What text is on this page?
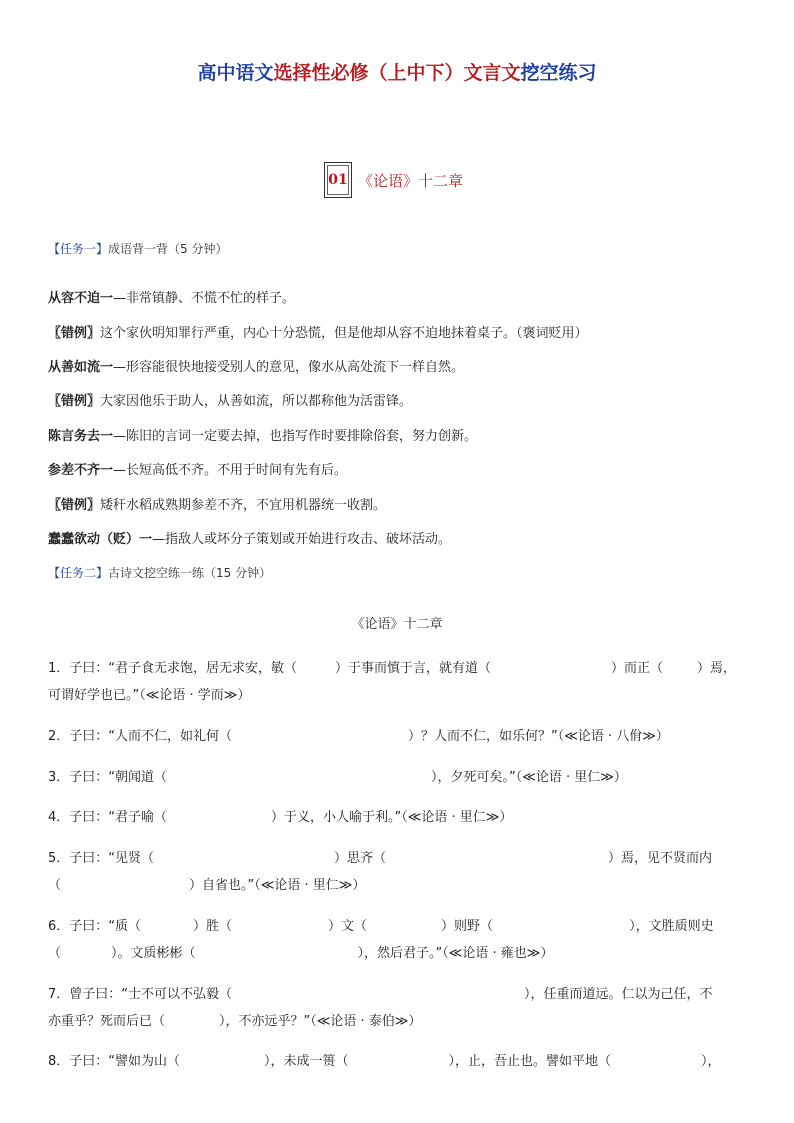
高中语文选择性必修（上中下）文言文挖空练习
01 《论语》十二章
【任务一】成语背一背（5 分钟）
从容不迫一—非常镇静、不慌不忙的样子。
〖错例〗这个家伙明知罪行严重，内心十分恐慌，但是他却从容不迫地抹着桌子。（褒词贬用）
从善如流一—形容能很快地接受别人的意见，像水从高处流下一样自然。
〖错例〗大家因他乐于助人，从善如流，所以都称他为活雷锋。
陈言务去一—陈旧的言词一定要去掉，也指写作时要排除俗套，努力创新。
参差不齐一—长短高低不齐。不用于时间有先有后。
〖错例〗矮秆水稻成熟期参差不齐，不宜用机器统一收割。
蠢蠢欲动（贬）一—指敌人或坏分子策划或开始进行攻击、破坏活动。
【任务二】古诗文挖空练一练（15 分钟）
《论语》十二章
1．子曰：“君子食无求饱，居无求安，敏（	）于事而慎于言，就有道（	）而正（	）焉，
可谓好学也已。”（≪论语 · 学而≫）
2．子曰：“人而不仁，如礼何（	）？人而不仁，如乐何？”（≪论语 · 八佾≫）
3．子曰：“朝闻道（	），夕死可矣。”（≪论语 · 里仁≫）
4．子曰：“君子喻（	）于义，小人喻于利。”（≪论语 · 里仁≫）
5．子曰：“见贤（	）思齐（	）焉，见不贤而内
（	）自省也。”（≪论语 · 里仁≫）
6．子曰：“质（	）胜（	）文（	）则野（	），文胜质则史
（	）。文质彬彬（	），然后君子。”（≪论语 · 雍也≫）
7．曾子曰：“士不可以不弘毅（	），任重而道远。仁以为己任，不
亦重乎？死而后已（	），不亦远乎？”（≪论语 · 泰伯≫）
8．子曰：“譬如为山（	），未成一篑（	），止，吾止也。譬如平地（	），
